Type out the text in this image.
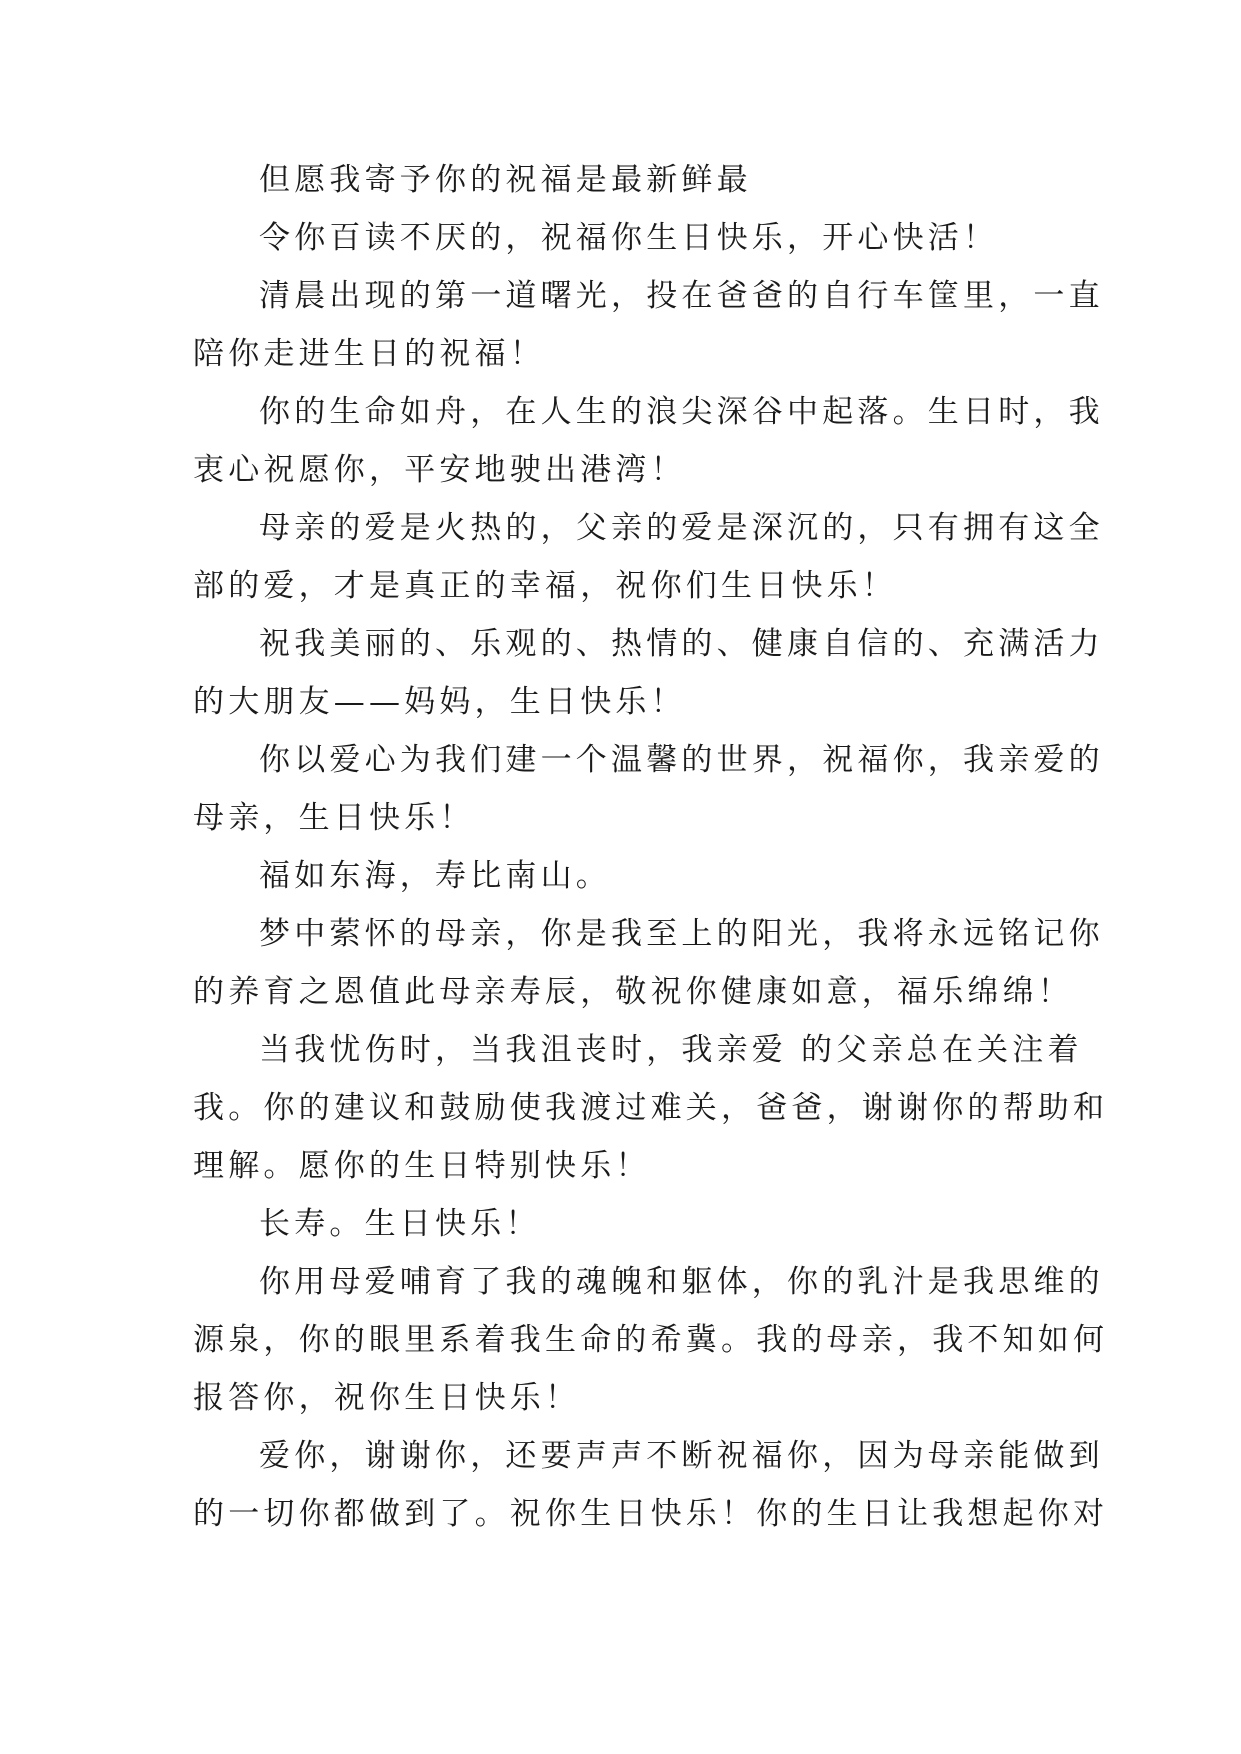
但愿我寄予你的祝福是最新鲜最
令你百读不厌的，祝福你生日快乐，开心快活！
清晨出现的第一道曙光，投在爸爸的自行车筐里，一直
陪你走进生日的祝福！
你的生命如舟，在人生的浪尖深谷中起落。生日时，我
衷心祝愿你，平安地驶出港湾！
母亲的爱是火热的，父亲的爱是深沉的，只有拥有这全
部的爱，才是真正的幸福，祝你们生日快乐！
祝我美丽的、乐观的、热情的、健康自信的、充满活力
的大朋友——妈妈，生日快乐！
你以爱心为我们建一个温馨的世界，祝福你，我亲爱的
母亲，生日快乐！
福如东海，寿比南山。
梦中萦怀的母亲，你是我至上的阳光，我将永远铭记你
的养育之恩值此母亲寿辰，敬祝你健康如意，福乐绵绵！
当我忧伤时，当我沮丧时，我亲爱 的父亲总在关注着
我。你的建议和鼓励使我渡过难关，爸爸，谢谢你的帮助和
理解。愿你的生日特别快乐！
长寿。生日快乐！
你用母爱哺育了我的魂魄和躯体，你的乳汁是我思维的
源泉，你的眼里系着我生命的希冀。我的母亲，我不知如何
报答你，祝你生日快乐！
爱你，谢谢你，还要声声不断祝福你，因为母亲能做到
的一切你都做到了。祝你生日快乐！你的生日让我想起你对
